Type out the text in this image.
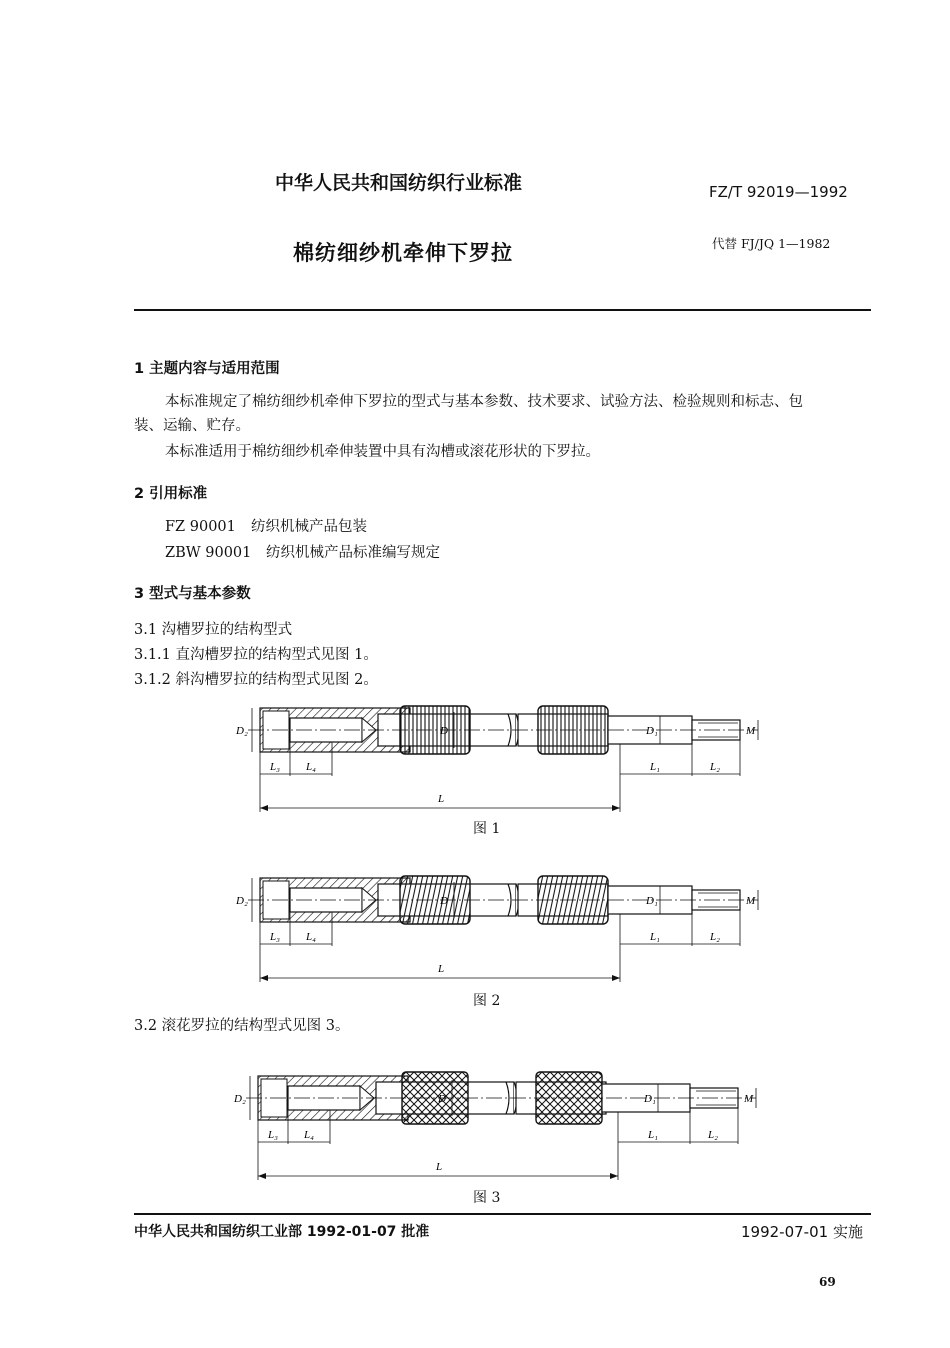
中华人民共和国纺织行业标准	FZ/T 92019—1992
棉纺细纱机牵伸下罗拉	代替 FJ/JQ 1—1982
1 主题内容与适用范围
本标准规定了棉纺细纱机牵伸下罗拉的型式与基本参数、技术要求、试验方法、检验规则和标志、包
装、运输、贮存。
本标准适用于棉纺细纱机牵伸装置中具有沟槽或滚花形状的下罗拉。
2 引用标准
FZ 90001 纺织机械产品包装
ZBW 90001 纺织机械产品标准编写规定
3 型式与基本参数
3.1 沟槽罗拉的结构型式
3.1.1 直沟槽罗拉的结构型式见图 1。
3.1.2 斜沟槽罗拉的结构型式见图 2。
D₂	D	D₁	M
L₃ L₄	L₁	L₂
L
图 1
D₂	D	D₁	M
L₃ L₄	L₁	L₂
L
图 2
3.2 滚花罗拉的结构型式见图 3。
D₂	D	D₁	M
L₃ L₄	L₁	L₂
L
图 3
中华人民共和国纺织工业部 1992-01-07 批准	1992-07-01 实施
69
